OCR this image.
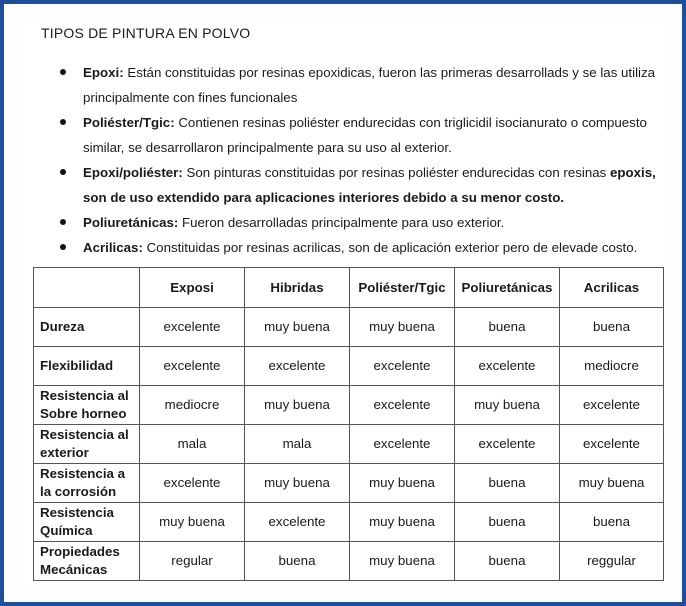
TIPOS DE PINTURA EN POLVO
Epoxi: Están constituidas por resinas epoxidicas, fueron las primeras desarrollads y se las utiliza principalmente con fines funcionales
Poliéster/Tgic: Contienen resinas poliéster endurecidas con triglicidil isocianurato o compuesto similar, se desarrollaron principalmente para su uso al exterior.
Epoxi/poliéster: Son pinturas constituidas por resinas poliéster endurecidas con resinas epoxis, son de uso extendido para aplicaciones interiores debido a su menor costo.
Poliuretánicas: Fueron desarrolladas principalmente para uso exterior.
Acrilicas: Constituidas por resinas acrilicas, son de aplicación exterior pero de elevade costo.
	Exposi	Hibridas	Poliéster/Tgic	Poliuretánicas	Acrilicas
Dureza	excelente	muy buena	muy buena	buena	buena
Flexibilidad	excelente	excelente	excelente	excelente	mediocre
Resistencia al
Sobre horneo	mediocre	muy buena	excelente	muy buena	excelente
Resistencia al
exterior	mala	mala	excelente	excelente	excelente
Resistencia a
la corrosión	excelente	muy buena	muy buena	buena	muy buena
Resistencia
Química	muy buena	excelente	muy buena	buena	buena
Propiedades
Mecánicas	regular	buena	muy buena	buena	reggular
